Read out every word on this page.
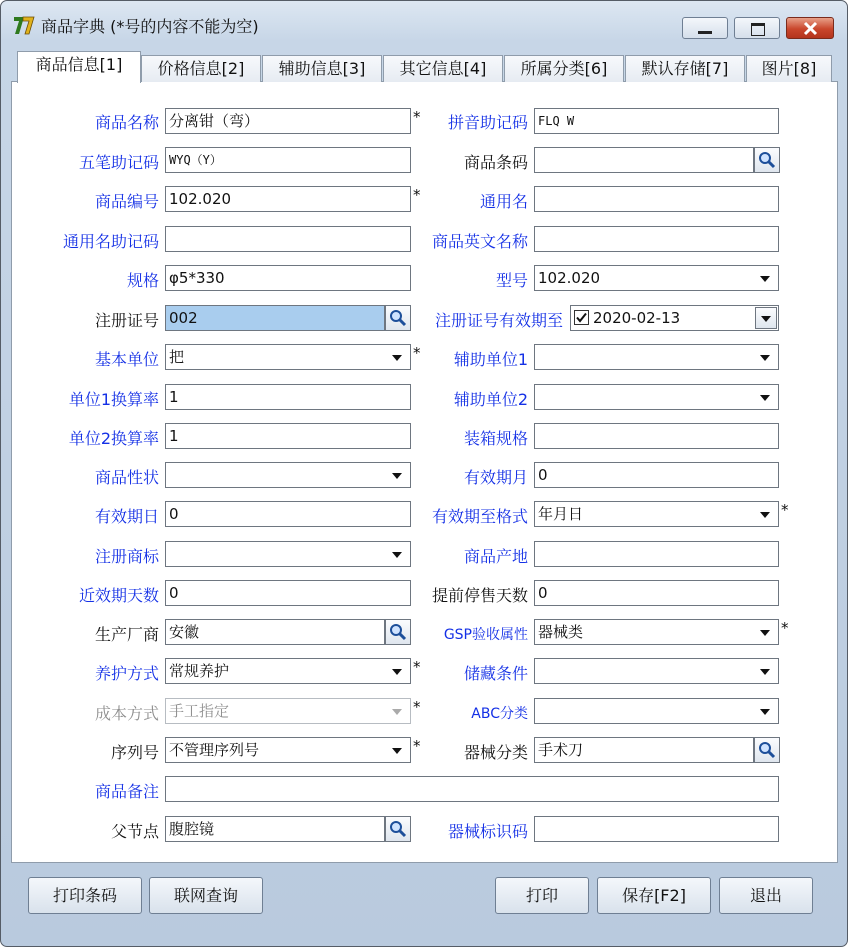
商品字典 (*号的内容不能为空)
商品信息[1]	价格信息[2]	辅助信息[3]	其它信息[4]	所属分类[6]	默认存储[7]	图片[8]
商品名称 分离钳（弯）	* 拼音助记码 FLQ W
五笔助记码 WYQ（Y）	商品条码
商品编号 102.020	*	通用名
通用名助记码	商品英文名称
规格 φ5*330	型号 102.020
注册证号 002	注册证号有效期至	2020-02-13
基本单位 把	* 辅助单位1
单位1换算率 1	辅助单位2
单位2换算率 1	装箱规格
商品性状	有效期月 0
有效期日 0	有效期至格式 年月日	*
注册商标	商品产地
近效期天数 0	提前停售天数 0
生产厂商 安徽	GSP验收属性 器械类	*
养护方式 常规养护	*	储藏条件
成本方式 手工指定	*	ABC分类
序列号 不管理序列号	*	器械分类 手术刀
商品备注
父节点 腹腔镜	器械标识码
打印条码	联网查询	打印	保存[F2]	退出
